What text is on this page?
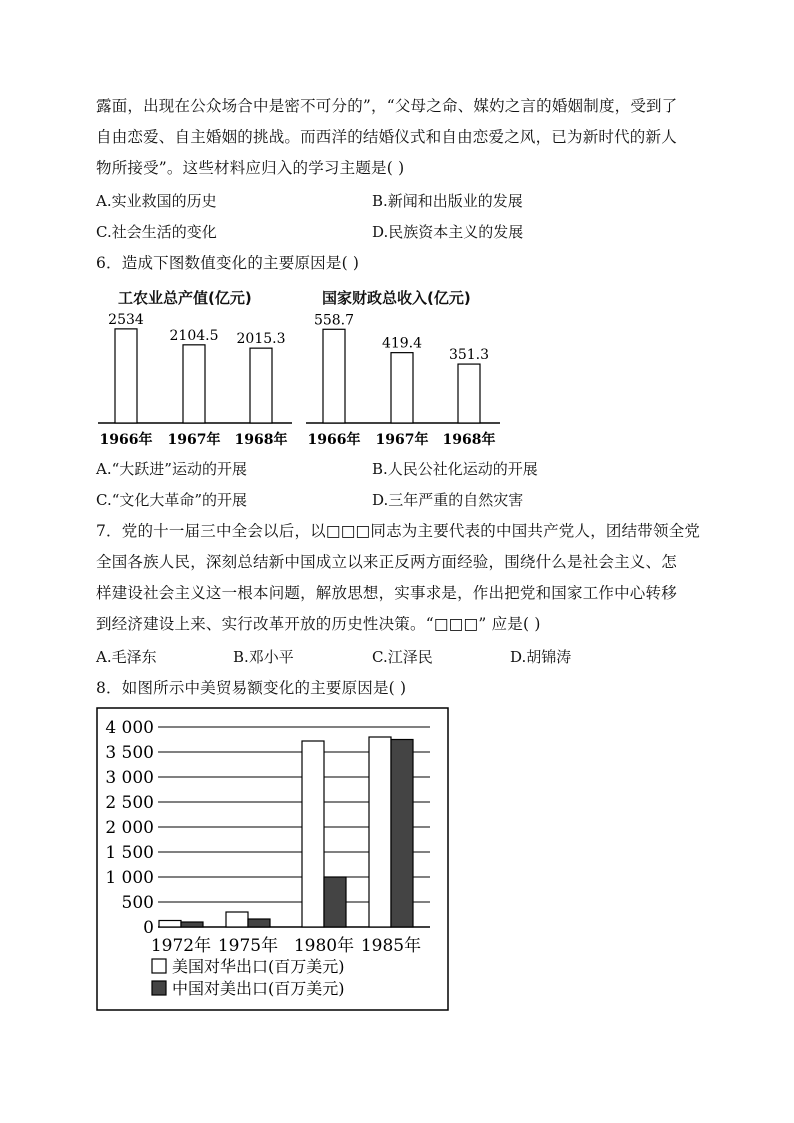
露面，出现在公众场合中是密不可分的”，“父母之命、媒妁之言的婚姻制度，受到了
自由恋爱、自主婚姻的挑战。而西洋的结婚仪式和自由恋爱之风，已为新时代的新人
物所接受”。这些材料应归入的学习主题是( )
A.实业救国的历史	B.新闻和出版业的发展
C.社会生活的变化	D.民族资本主义的发展
6．造成下图数值变化的主要原因是( )
工农业总产值(亿元)	国家财政总收入(亿元)
2534
1966年
2104.5
1967年
2015.3
1968年
558.7
1966年
419.4
1967年
351.3
1968年
A.“大跃进”运动的开展	B.人民公社化运动的开展
C.“文化大革命”的开展	D.三年严重的自然灾害
7．党的十一届三中全会以后，以□□□同志为主要代表的中国共产党人，团结带领全党
全国各族人民，深刻总结新中国成立以来正反两方面经验，围绕什么是社会主义、怎
样建设社会主义这一根本问题，解放思想，实事求是，作出把党和国家工作中心转移
到经济建设上来、实行改革开放的历史性决策。“□□□” 应是( )
A.毛泽东	B.邓小平	C.江泽民	D.胡锦涛
8．如图所示中美贸易额变化的主要原因是( )
0
500
1 000
1 500
2 000
2 500
3 000
3 500
4 000
1972年 1975年 1980年 1985年
美国对华出口(百万美元)
中国对美出口(百万美元)
